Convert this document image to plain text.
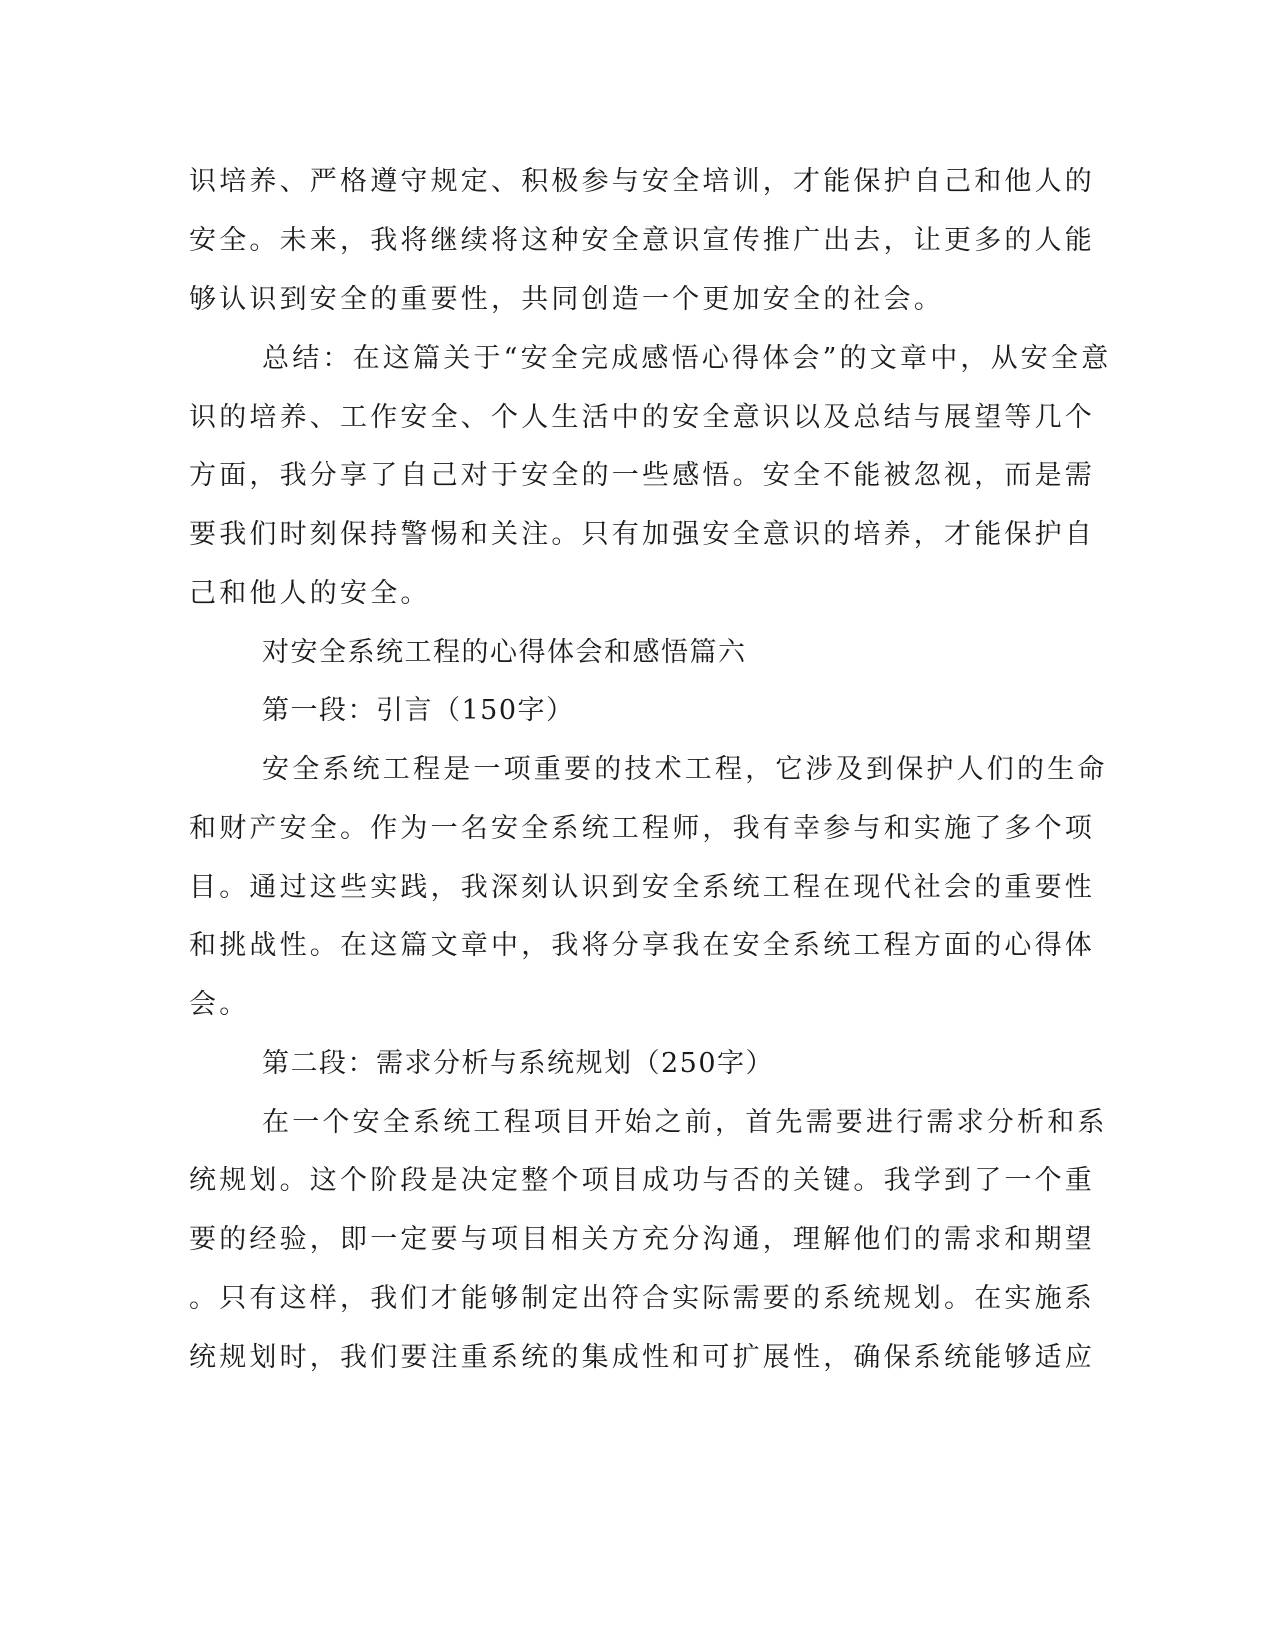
识培养、严格遵守规定、积极参与安全培训，才能保护自己和他人的
安全。未来，我将继续将这种安全意识宣传推广出去，让更多的人能
够认识到安全的重要性，共同创造一个更加安全的社会。
总结：在这篇关于“安全完成感悟心得体会”的文章中，从安全意
识的培养、工作安全、个人生活中的安全意识以及总结与展望等几个
方面，我分享了自己对于安全的一些感悟。安全不能被忽视，而是需
要我们时刻保持警惕和关注。只有加强安全意识的培养，才能保护自
己和他人的安全。
对安全系统工程的心得体会和感悟篇六
第一段：引言（150字）
安全系统工程是一项重要的技术工程，它涉及到保护人们的生命
和财产安全。作为一名安全系统工程师，我有幸参与和实施了多个项
目。通过这些实践，我深刻认识到安全系统工程在现代社会的重要性
和挑战性。在这篇文章中，我将分享我在安全系统工程方面的心得体
会。
第二段：需求分析与系统规划（250字）
在一个安全系统工程项目开始之前，首先需要进行需求分析和系
统规划。这个阶段是决定整个项目成功与否的关键。我学到了一个重
要的经验，即一定要与项目相关方充分沟通，理解他们的需求和期望
。只有这样，我们才能够制定出符合实际需要的系统规划。在实施系
统规划时，我们要注重系统的集成性和可扩展性，确保系统能够适应
